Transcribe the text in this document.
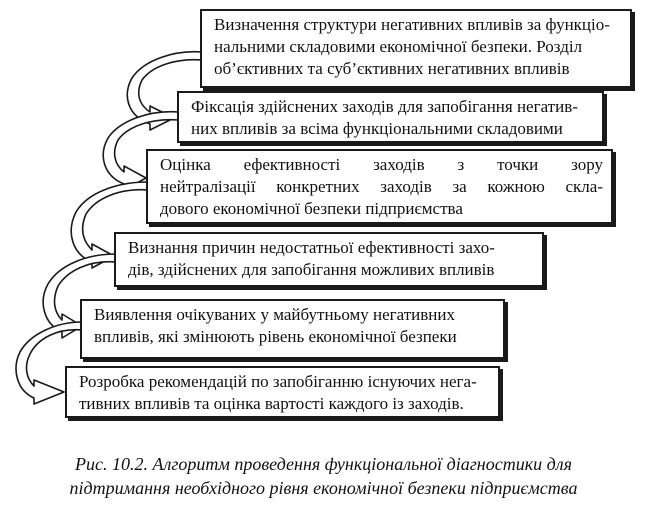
Визначення структури негативних впливів за функціо-
нальними складовими економічної безпеки. Розділ
об’єктивних та суб’єктивних негативних впливів
Фіксація здійснених заходів для запобігання негатив-
них впливів за всіма функціональними складовими
Оцінка ефективності заходів з точки зору
нейтралізації конкретних заходів за кожною скла-
дового економічної безпеки підприємства
Визнання причин недостатньої ефективності захо-
дів, здійснених для запобігання можливих впливів
Виявлення очікуваних у майбутньому негативних
впливів, які змінюють рівень економічної безпеки
Розробка рекомендацій по запобіганню існуючих нега-
тивних впливів та оцінка вартості каждого із заходів.
Рис. 10.2. Алгоритм проведення функціональної діагностики для
підтримання необхідного рівня економічної безпеки підприємства
